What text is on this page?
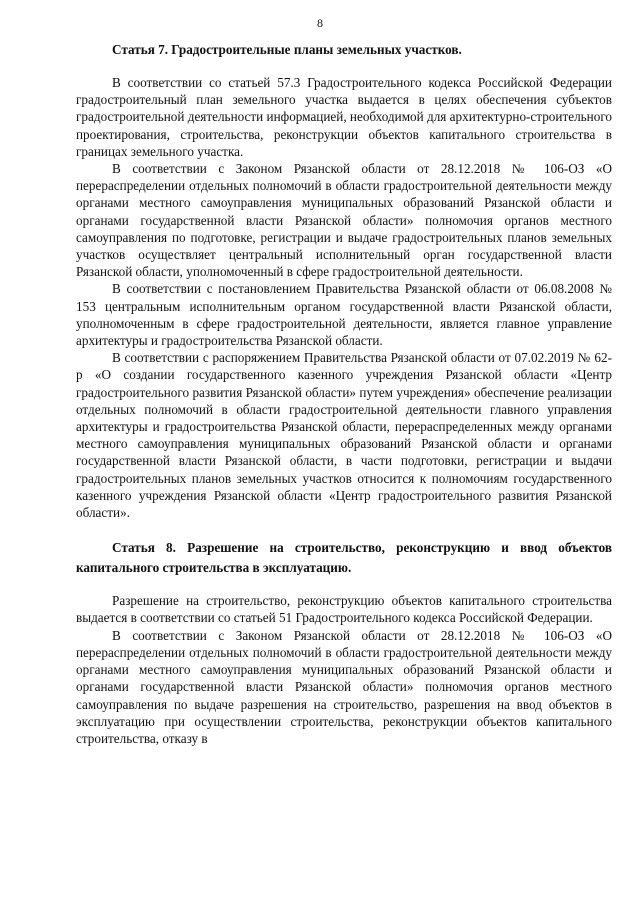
8

Статья 7. Градостроительные планы земельных участков.

В соответствии со статьей 57.3 Градостроительного кодекса Российской Федерации градостроительный план земельного участка выдается в целях обеспечения субъектов градостроительной деятельности информацией, необходимой для архитектурно-строительного проектирования, строительства, реконструкции объектов капитального строительства в границах земельного участка.

В соответствии с Законом Рязанской области от 28.12.2018 № 106-ОЗ «О перераспределении отдельных полномочий в области градостроительной деятельности между органами местного самоуправления муниципальных образований Рязанской области и органами государственной власти Рязанской области» полномочия органов местного самоуправления по подготовке, регистрации и выдаче градостроительных планов земельных участков осуществляет центральный исполнительный орган государственной власти Рязанской области, уполномоченный в сфере градостроительной деятельности.

В соответствии с постановлением Правительства Рязанской области от 06.08.2008 № 153 центральным исполнительным органом государственной власти Рязанской области, уполномоченным в сфере градостроительной деятельности, является главное управление архитектуры и градостроительства Рязанской области.

В соответствии с распоряжением Правительства Рязанской области от 07.02.2019 № 62-р «О создании государственного казенного учреждения Рязанской области «Центр градостроительного развития Рязанской области» путем учреждения» обеспечение реализации отдельных полномочий в области градостроительной деятельности главного управления архитектуры и градостроительства Рязанской области, перераспределенных между органами местного самоуправления муниципальных образований Рязанской области и органами государственной власти Рязанской области, в части подготовки, регистрации и выдачи градостроительных планов земельных участков относится к полномочиям государственного казенного учреждения Рязанской области «Центр градостроительного развития Рязанской области».

Статья 8. Разрешение на строительство, реконструкцию и ввод объектов капитального строительства в эксплуатацию.

Разрешение на строительство, реконструкцию объектов капитального строительства выдается в соответствии со статьей 51 Градостроительного кодекса Российской Федерации.

В соответствии с Законом Рязанской области от 28.12.2018 № 106-ОЗ «О перераспределении отдельных полномочий в области градостроительной деятельности между органами местного самоуправления муниципальных образований Рязанской области и органами государственной власти Рязанской области» полномочия органов местного самоуправления по выдаче разрешения на строительство, разрешения на ввод объектов в эксплуатацию при осуществлении строительства, реконструкции объектов капитального строительства, отказу в
